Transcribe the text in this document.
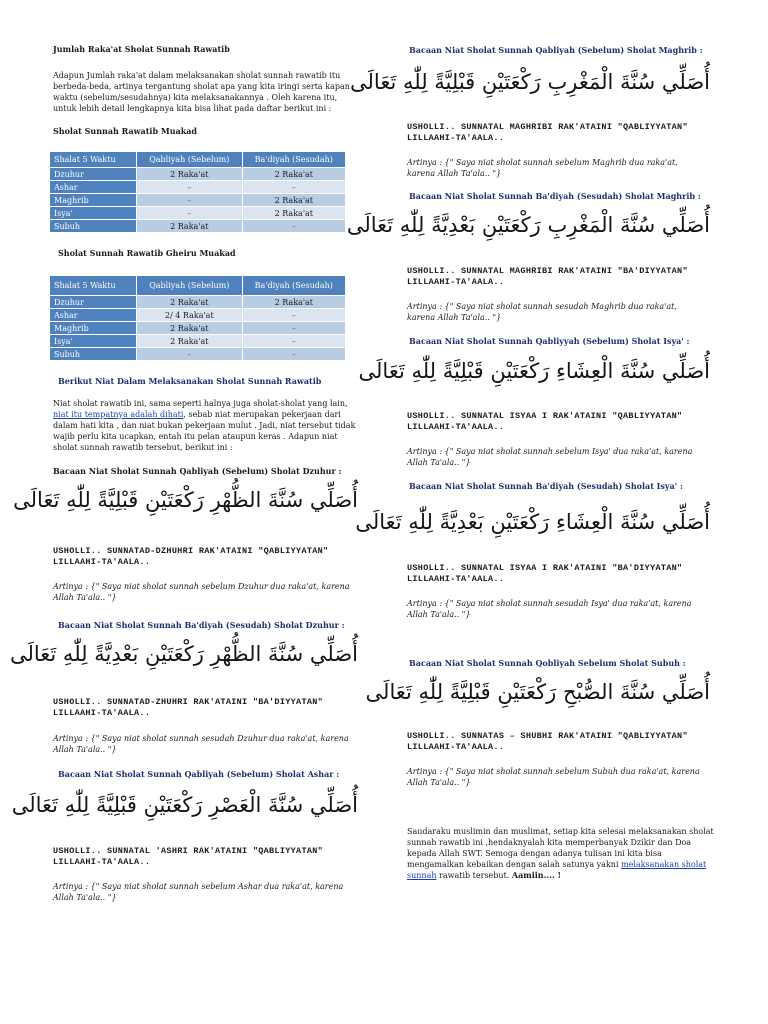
Jumlah Raka'at Sholat Sunnah Rawatib
Adapun Jumlah raka'at dalam melaksanakan sholat sunnah rawatib itu berbeda-beda, artinya tergantung sholat apa yang kita iringi serta kapan waktu (sebelum/sesudahnya) kita melaksanakannya . Oleh karena itu, untuk lebih detail lengkapnya kita bisa lihat pada daftar berikut ini :
Sholat Sunnah Rawatib Muakad
Shalat 5 Waktu	Qabliyah (Sebelum)	Ba'diyah (Sesudah)
Dzuhur	2 Raka'at	2 Raka'at
Ashar	–	–
Maghrib	–	2 Raka'at
Isya'	–	2 Raka'at
Subuh	2 Raka'at	–
Sholat Sunnah Rawatib Gheiru Muakad
Shalat 5 Waktu	Qabliyah (Sebelum)	Ba'diyah (Sesudah)
Dzuhur	2 Raka'at	2 Raka'at
Ashar	2/ 4 Raka'at	–
Maghrib	2 Raka'at	–
Isya'	2 Raka'at	–
Subuh	–	–
Berikut Niat Dalam Melaksanakan Sholat Sunnah Rawatib
Niat sholat rawatib ini, sama seperti halnya juga sholat-sholat yang lain, niat itu tempatnya adalah dihati, sebab niat merupakan pekerjaan dari dalam hati kita , dan niat bukan pekerjaan mulut . Jadi, niat tersebut tidak wajib perlu kita ucapkan, entah itu pelan ataupun keras . Adapun niat sholat sunnah rawatib tersebut, berikut ini :
Bacaan Niat Sholat Sunnah Qabliyah (Sebelum) Sholat Dzuhur :
أُصَلِّي سُنَّةَ الظُّهْرِ رَكْعَتَيْنِ قَبْلِيَّةً لِلّٰهِ تَعَالَى
USHOLLI.. SUNNATAD-DZHUHRI RAK'ATAINI "QABLIYYATAN" LILLAAHI-TA'AALA..
Artinya : {" Saya niat sholat sunnah sebelum Dzuhur dua raka'at, karena Allah Ta'ala.. "}
Bacaan Niat Sholat Sunnah Ba'diyah (Sesudah) Sholat Dzuhur :
أُصَلِّي سُنَّةَ الظُّهْرِ رَكْعَتَيْنِ بَعْدِيَّةً لِلّٰهِ تَعَالَى
USHOLLI.. SUNNATAD-ZHUHRI RAK'ATAINI "BA'DIYYATAN" LILLAAHI-TA'AALA..
Artinya : {" Saya niat sholat sunnah sesudah Dzuhur dua raka'at, karena Allah Ta'ala.. "}
Bacaan Niat Sholat Sunnah Qabliyah (Sebelum) Sholat Ashar :
أُصَلِّي سُنَّةَ الْعَصْرِ رَكْعَتَيْنِ قَبْلِيَّةً لِلّٰهِ تَعَالَى
USHOLLI.. SUNNATAL 'ASHRI RAK'ATAINI "QABLIYYATAN" LILLAAHI-TA'AALA..
Artinya : {" Saya niat sholat sunnah sebelum Ashar dua raka'at, karena Allah Ta'ala.. "}
Bacaan Niat Sholat Sunnah Qabliyah (Sebelum) Sholat Maghrib :
أُصَلِّي سُنَّةَ الْمَغْرِبِ رَكْعَتَيْنِ قَبْلِيَّةً لِلّٰهِ تَعَالَى
USHOLLI.. SUNNATAL MAGHRIBI RAK'ATAINI "QABLIYYATAN" LILLAAHI-TA'AALA..
Artinya : {" Saya niat sholat sunnah sebelum Maghrib dua raka'at, karena Allah Ta'ala.. "}
Bacaan Niat Sholat Sunnah Ba'diyah (Sesudah) Sholat Maghrib :
أُصَلِّي سُنَّةَ الْمَغْرِبِ رَكْعَتَيْنِ بَعْدِيَّةً لِلّٰهِ تَعَالَى
USHOLLI.. SUNNATAL MAGHRIBI RAK'ATAINI "BA'DIYYATAN" LILLAAHI-TA'AALA..
Artinya : {" Saya niat sholat sunnah sesudah Maghrib dua raka'at, karena Allah Ta'ala.. "}
Bacaan Niat Sholat Sunnah Qabliyyah (Sebelum) Sholat Isya' :
أُصَلِّي سُنَّةَ الْعِشَاءِ رَكْعَتَيْنِ قَبْلِيَّةً لِلّٰهِ تَعَالَى
USHOLLI.. SUNNATAL ISYAA I RAK'ATAINI "QABLIYYATAN" LILLAAHI-TA'AALA..
Artinya : {" Saya niat sholat sunnah sebelum Isya' dua raka'at, karena Allah Ta'ala.. "}
Bacaan Niat Sholat Sunnah Ba'diyah (Sesudah) Sholat Isya' :
أُصَلِّي سُنَّةَ الْعِشَاءِ رَكْعَتَيْنِ بَعْدِيَّةً لِلّٰهِ تَعَالَى
USHOLLI.. SUNNATAL ISYAA I RAK'ATAINI "BA'DIYYATAN" LILLAAHI-TA'AALA..
Artinya : {" Saya niat sholat sunnah sesudah Isya' dua raka'at, karena Allah Ta'ala.. "}
Bacaan Niat Sholat Sunnah Qobliyah Sebelum Sholat Subuh :
أُصَلِّي سُنَّةَ الصُّبْحِ رَكْعَتَيْنِ قَبْلِيَّةً لِلّٰهِ تَعَالَى
USHOLLI.. SUNNATAS – SHUBHI RAK'ATAINI "QABLIYYATAN" LILLAAHI-TA'AALA..
Artinya : {" Saya niat sholat sunnah sebelum Subuh dua raka'at, karena Allah Ta'ala.. "}
Saudaraku muslimin dan muslimat, setiap kita selesai melaksanakan sholat sunnah rawatib ini ,hendaknyalah kita memperbanyak Dzikir dan Doa kepada Allah SWT. Semoga dengan adanya tulisan ini kita bisa mengamalkan kebaikan dengan salah satunya yakni melaksanakan sholat sunnah rawatib tersebut. Aamiin.... !
